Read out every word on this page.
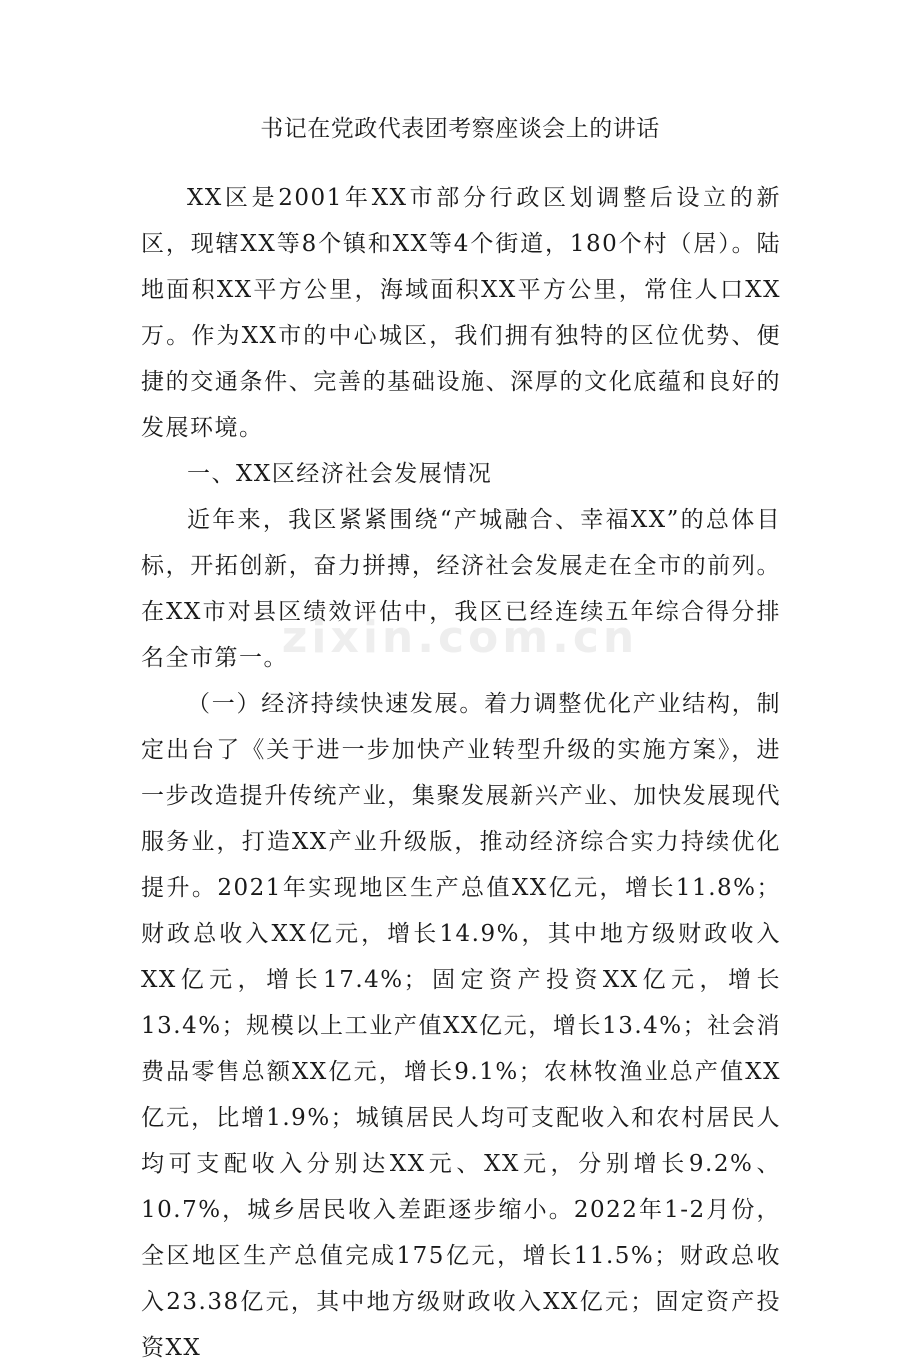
书记在党政代表团考察座谈会上的讲话

XX区是2001年XX市部分行政区划调整后设立的新区，现辖XX等8个镇和XX等4个街道，180个村（居）。陆地面积XX平方公里，海域面积XX平方公里，常住人口XX万。作为XX市的中心城区，我们拥有独特的区位优势、便捷的交通条件、完善的基础设施、深厚的文化底蕴和良好的发展环境。

一、XX区经济社会发展情况

近年来，我区紧紧围绕“产城融合、幸福XX”的总体目标，开拓创新，奋力拼搏，经济社会发展走在全市的前列。在XX市对县区绩效评估中，我区已经连续五年综合得分排名全市第一。

（一）经济持续快速发展。着力调整优化产业结构，制定出台了《关于进一步加快产业转型升级的实施方案》，进一步改造提升传统产业，集聚发展新兴产业、加快发展现代服务业，打造XX产业升级版，推动经济综合实力持续优化提升。2021年实现地区生产总值XX亿元，增长11.8%；财政总收入XX亿元，增长14.9%，其中地方级财政收入XX亿元，增长17.4%；固定资产投资XX亿元，增长13.4%；规模以上工业产值XX亿元，增长13.4%；社会消费品零售总额XX亿元，增长9.1%；农林牧渔业总产值XX亿元，比增1.9%；城镇居民人均可支配收入和农村居民人均可支配收入分别达XX元、XX元，分别增长9.2%、10.7%，城乡居民收入差距逐步缩小。2022年1-2月份，全区地区生产总值完成175亿元，增长11.5%；财政总收入23.38亿元，其中地方级财政收入XX亿元；固定资产投资XX

zixin.com.cn
